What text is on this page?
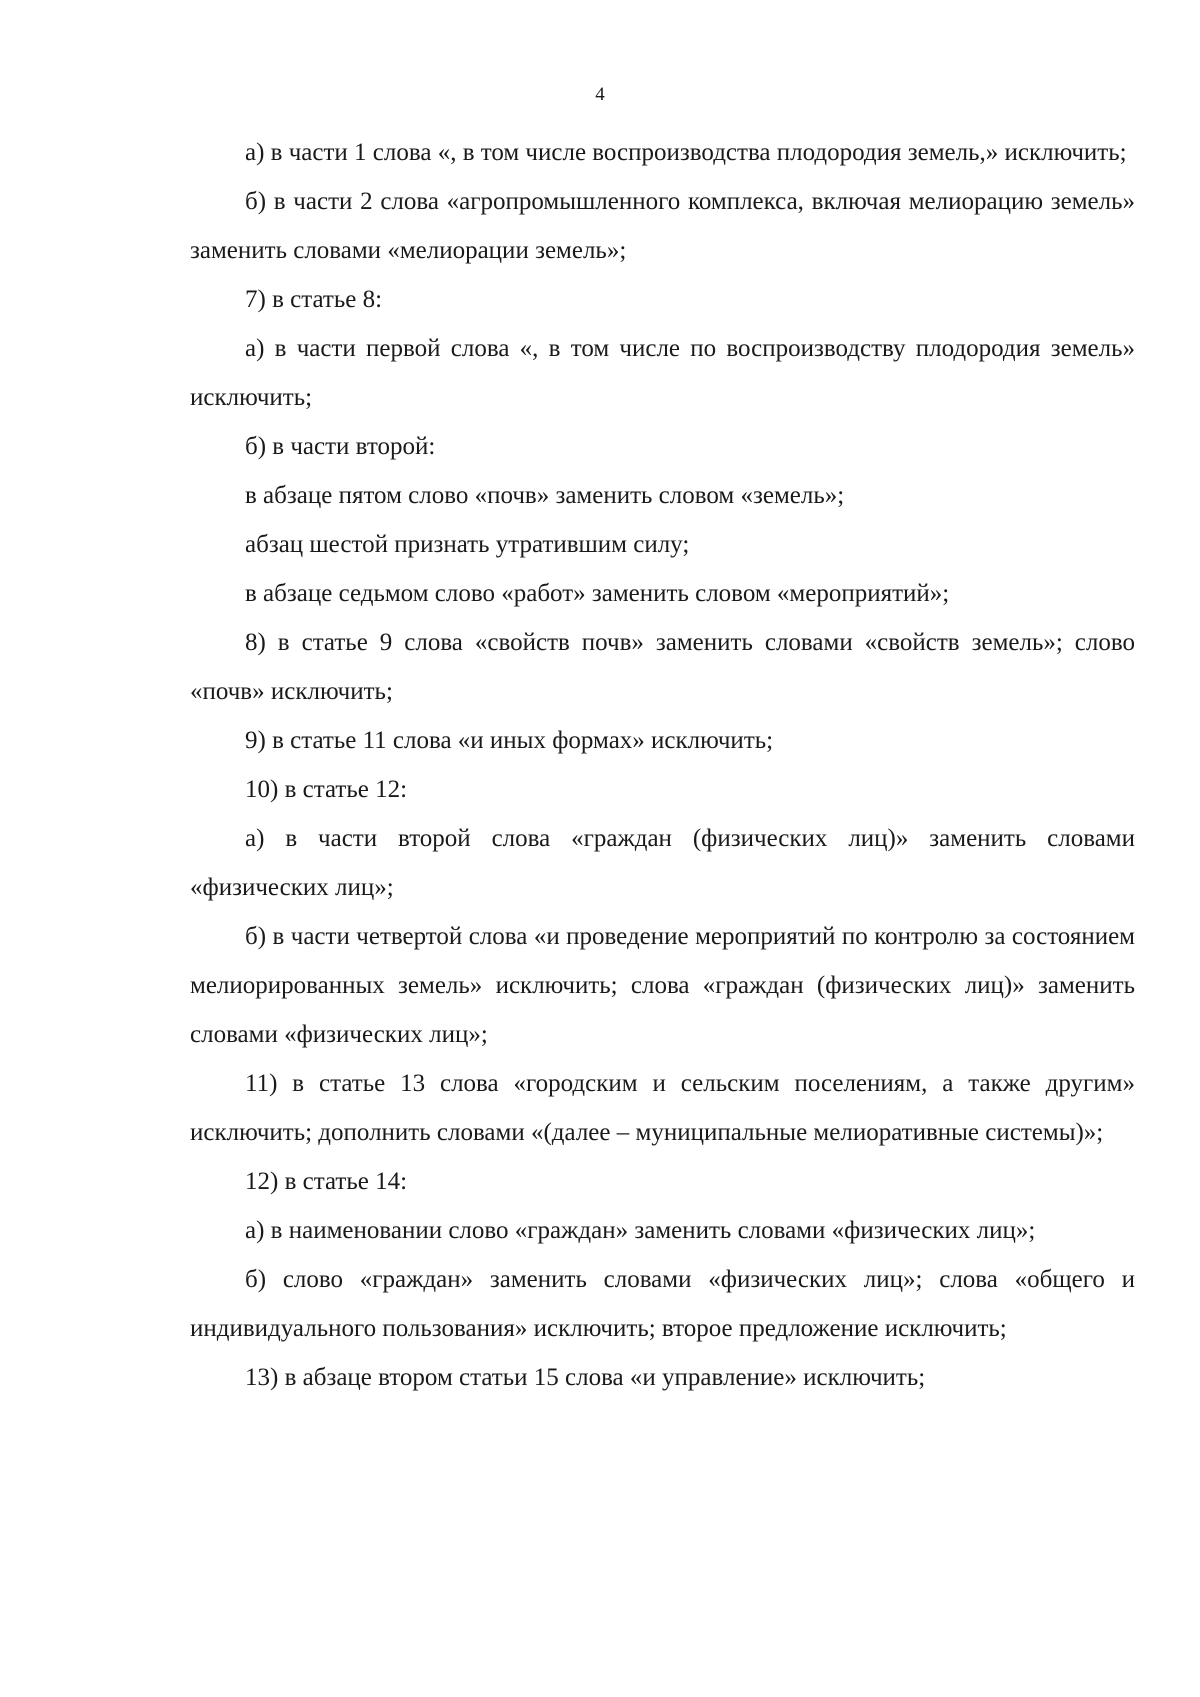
4

а) в части 1 слова «, в том числе воспроизводства плодородия земель,» исключить;

б) в части 2 слова «агропромышленного комплекса, включая мелиорацию земель» заменить словами «мелиорации земель»;

7) в статье 8:

а) в части первой слова «, в том числе по воспроизводству плодородия земель» исключить;

б) в части второй:

в абзаце пятом слово «почв» заменить словом «земель»;

абзац шестой признать утратившим силу;

в абзаце седьмом слово «работ» заменить словом «мероприятий»;

8) в статье 9 слова «свойств почв» заменить словами «свойств земель»; слово «почв» исключить;

9) в статье 11 слова «и иных формах» исключить;

10) в статье 12:

а) в части второй слова «граждан (физических лиц)» заменить словами «физических лиц»;

б) в части четвертой слова «и проведение мероприятий по контролю за состоянием мелиорированных земель» исключить; слова «граждан (физических лиц)» заменить словами «физических лиц»;

11) в статье 13 слова «городским и сельским поселениям, а также другим» исключить; дополнить словами «(далее – муниципальные мелиоративные системы)»;

12) в статье 14:

а) в наименовании слово «граждан» заменить словами «физических лиц»;

б) слово «граждан» заменить словами «физических лиц»; слова «общего и индивидуального пользования» исключить; второе предложение исключить;

13) в абзаце втором статьи 15 слова «и управление» исключить;
